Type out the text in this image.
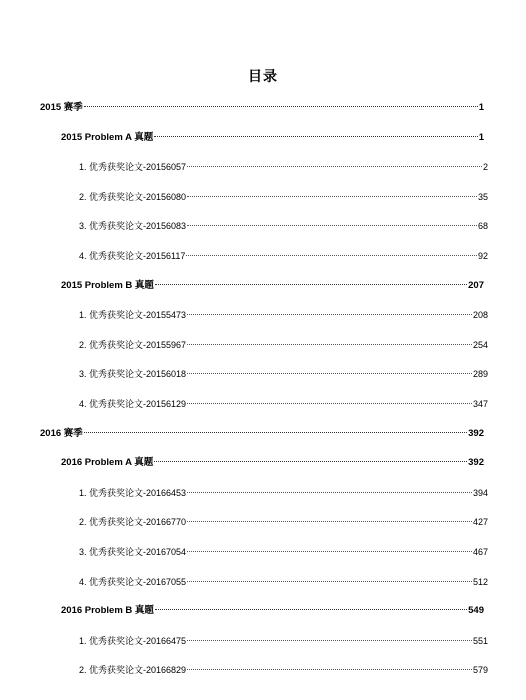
目录
2015 赛季	1
2015 Problem A 真题	1
1. 优秀获奖论文-20156057	2
2. 优秀获奖论文-20156080	35
3. 优秀获奖论文-20156083	68
4. 优秀获奖论文-20156117	92
2015 Problem B 真题	207
1. 优秀获奖论文-20155473	208
2. 优秀获奖论文-20155967	254
3. 优秀获奖论文-20156018	289
4. 优秀获奖论文-20156129	347
2016 赛季	392
2016 Problem A 真题	392
1. 优秀获奖论文-20166453	394
2. 优秀获奖论文-20166770	427
3. 优秀获奖论文-20167054	467
4. 优秀获奖论文-20167055	512
2016 Problem B 真题	549
1. 优秀获奖论文-20166475	551
2. 优秀获奖论文-20166829	579
